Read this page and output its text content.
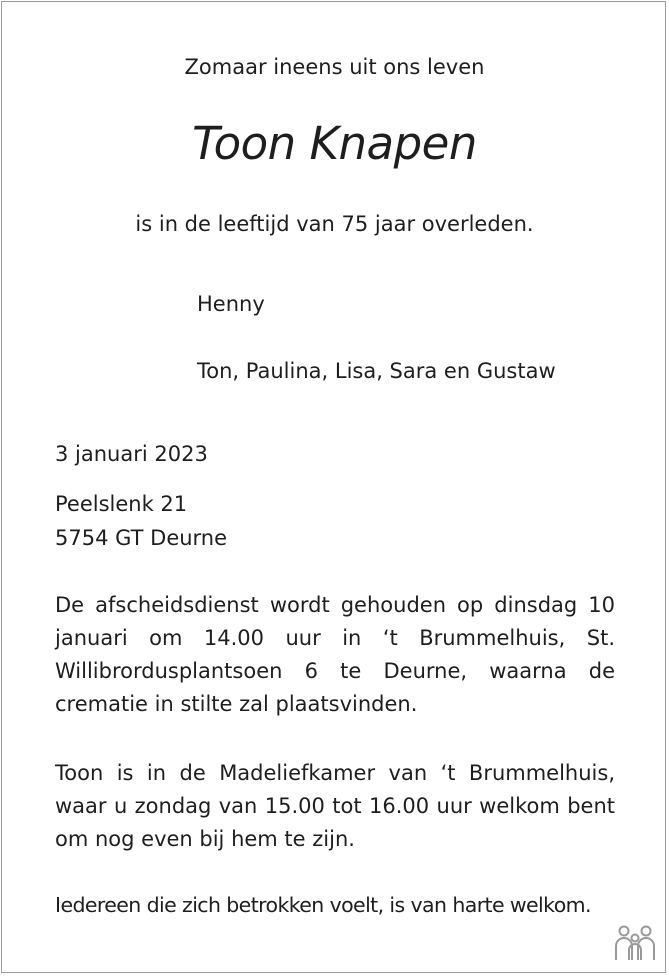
Zomaar ineens uit ons leven

Toon Knapen

is in de leeftijd van 75 jaar overleden.

Henny

Ton, Paulina, Lisa, Sara en Gustaw

3 januari 2023

Peelslenk 21

5754 GT Deurne

De afscheidsdienst wordt gehouden op dinsdag 10 januari om 14.00 uur in ‘t Brummelhuis, St. Willibrordusplantsoen 6 te Deurne, waarna de crematie in stilte zal plaatsvinden.

Toon is in de Madeliefkamer van ‘t Brummelhuis, waar u zondag van 15.00 tot 16.00 uur welkom bent om nog even bij hem te zijn.

Iedereen die zich betrokken voelt, is van harte welkom.
